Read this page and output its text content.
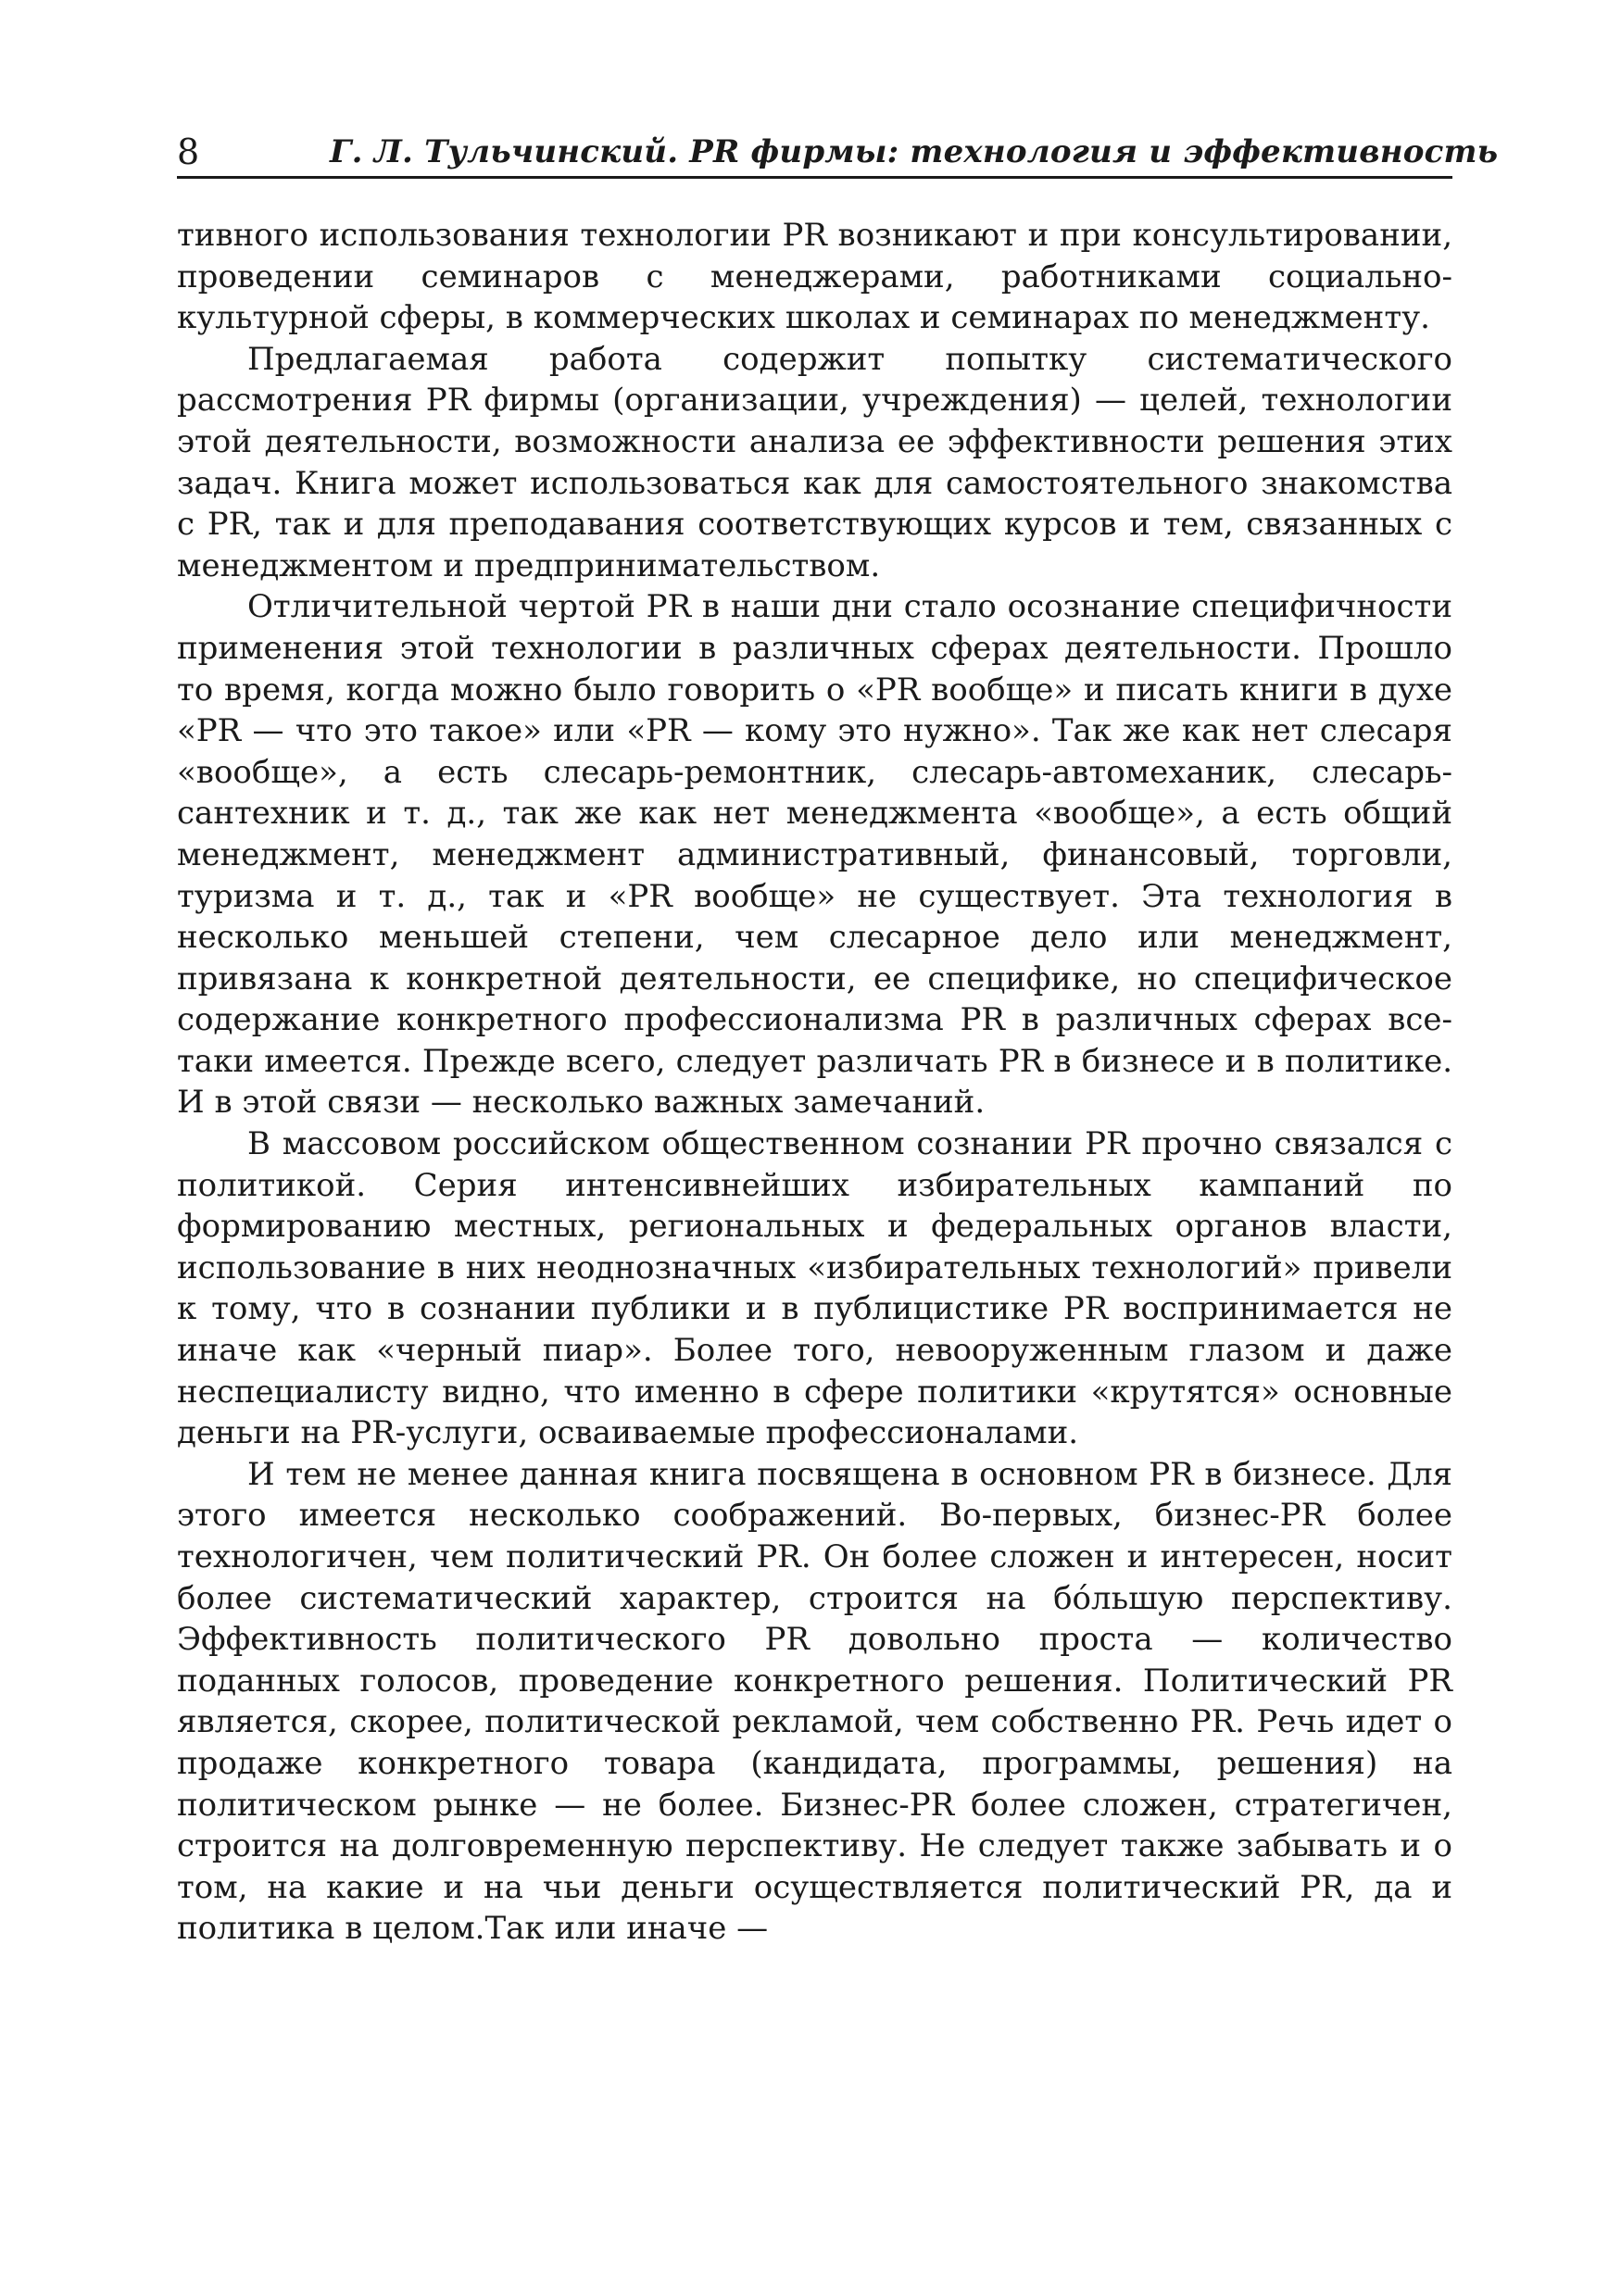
8	Г. Л. Тульчинский. PR фирмы: технология и эффективность

тивного использования технологии PR возникают и при консультировании, проведении семинаров с менеджерами, работниками социально-культурной сферы, в коммерческих школах и семинарах по менеджменту.

Предлагаемая работа содержит попытку систематического рассмотрения PR фирмы (организации, учреждения) — целей, технологии этой деятельности, возможности анализа ее эффективности решения этих задач. Книга может использоваться как для самостоятельного знакомства с PR, так и для преподавания соответствующих курсов и тем, связанных с менеджментом и предпринимательством.

Отличительной чертой PR в наши дни стало осознание специфичности применения этой технологии в различных сферах деятельности. Прошло то время, когда можно было говорить о «PR вообще» и писать книги в духе «PR — что это такое» или «PR — кому это нужно». Так же как нет слесаря «вообще», а есть слесарь-ремонтник, слесарь-автомеханик, слесарь-сантехник и т. д., так же как нет менеджмента «вообще», а есть общий менеджмент, менеджмент административный, финансовый, торговли, туризма и т. д., так и «PR вообще» не существует. Эта технология в несколько меньшей степени, чем слесарное дело или менеджмент, привязана к конкретной деятельности, ее специфике, но специфическое содержание конкретного профессионализма PR в различных сферах все-таки имеется. Прежде всего, следует различать PR в бизнесе и в политике. И в этой связи — несколько важных замечаний.

В массовом российском общественном сознании PR прочно связался с политикой. Серия интенсивнейших избирательных кампаний по формированию местных, региональных и федеральных органов власти, использование в них неоднозначных «избирательных технологий» привели к тому, что в сознании публики и в публицистике PR воспринимается не иначе как «черный пиар». Более того, невооруженным глазом и даже неспециалисту видно, что именно в сфере политики «крутятся» основные деньги на PR-услуги, осваиваемые профессионалами.

И тем не менее данная книга посвящена в основном PR в бизнесе. Для этого имеется несколько соображений. Во-первых, бизнес-PR более технологичен, чем политический PR. Он более сложен и интересен, носит более систематический характер, строится на бóльшую перспективу. Эффективность политического PR довольно проста — количество поданных голосов, проведение конкретного решения. Политический PR является, скорее, политической рекламой, чем собственно PR. Речь идет о продаже конкретного товара (кандидата, программы, решения) на политическом рынке — не более. Бизнес-PR более сложен, стратегичен, строится на долговременную перспективу. Не следует также забывать и о том, на какие и на чьи деньги осуществляется политический PR, да и политика в целом.Так или иначе —
